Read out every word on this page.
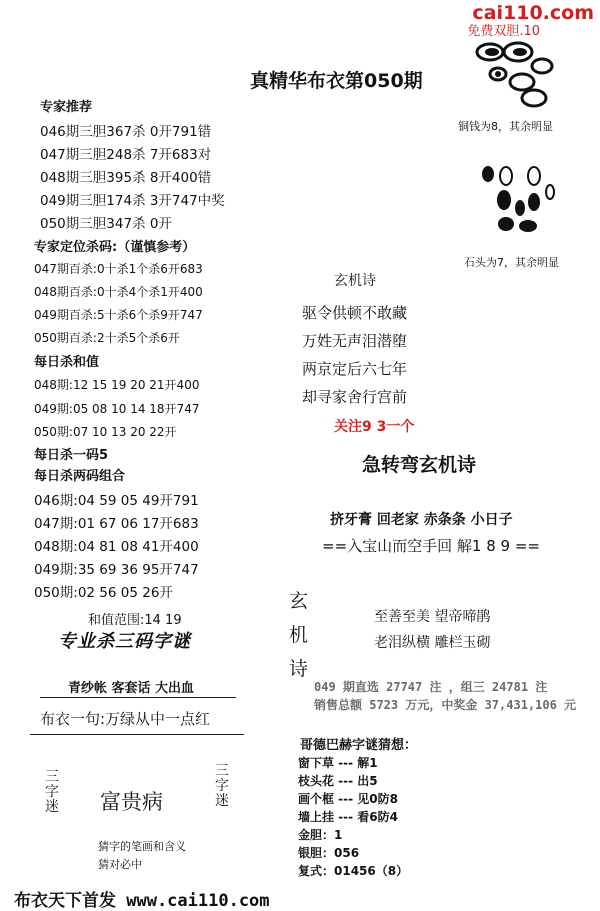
cai110.com
免费双胆.10
真精华布衣第050期
专家推荐
046期三胆367杀 0开791错
047期三胆248杀 7开683对
048期三胆395杀 8开400错
049期三胆174杀 3开747中奖
050期三胆347杀 0开
专家定位杀码:（谨慎参考）
047期百杀:0十杀1个杀6开683
048期百杀:0十杀4个杀1开400
049期百杀:5十杀6个杀9开747
050期百杀:2十杀5个杀6开
每日杀和值
048期:12 15 19 20 21开400
049期:05 08 10 14 18开747
050期:07 10 13 20 22开
每日杀一码5
每日杀两码组合
046期:04 59 05 49开791
047期:01 67 06 17开683
048期:04 81 08 41开400
049期:35 69 36 95开747
050期:02 56 05 26开
和值范围:14 19
专业杀三码字谜
青纱帐 客套话 大出血
布衣一句:万绿从中一点红
三字迷 富贵病
三字迷
猜字的笔画和含义
猜对必中
铜钱为8，其余明显
石头为7，其余明显
玄机诗
驱令供顿不敢藏
万姓无声泪潜堕
两京定后六七年
却寻家舍行宫前
关注9 3一个
急转弯玄机诗
挤牙膏 回老家 赤条条 小日子
==入宝山而空手回 解1 8 9 ==
玄
机
诗
至善至美 望帝啼鹃
老泪纵横 雕栏玉砌
049 期直选 27747 注 ，组三 24781 注
销售总额 5723 万元，中奖金 37,431,106 元
哥德巴赫字谜猜想：
窗下草 --- 解1
枝头花 --- 出5
画个框 --- 见0防8
墙上挂 --- 看6防4
金胆：1
银胆：056
复式：01456（8）
布衣天下首发 www.cai110.com
